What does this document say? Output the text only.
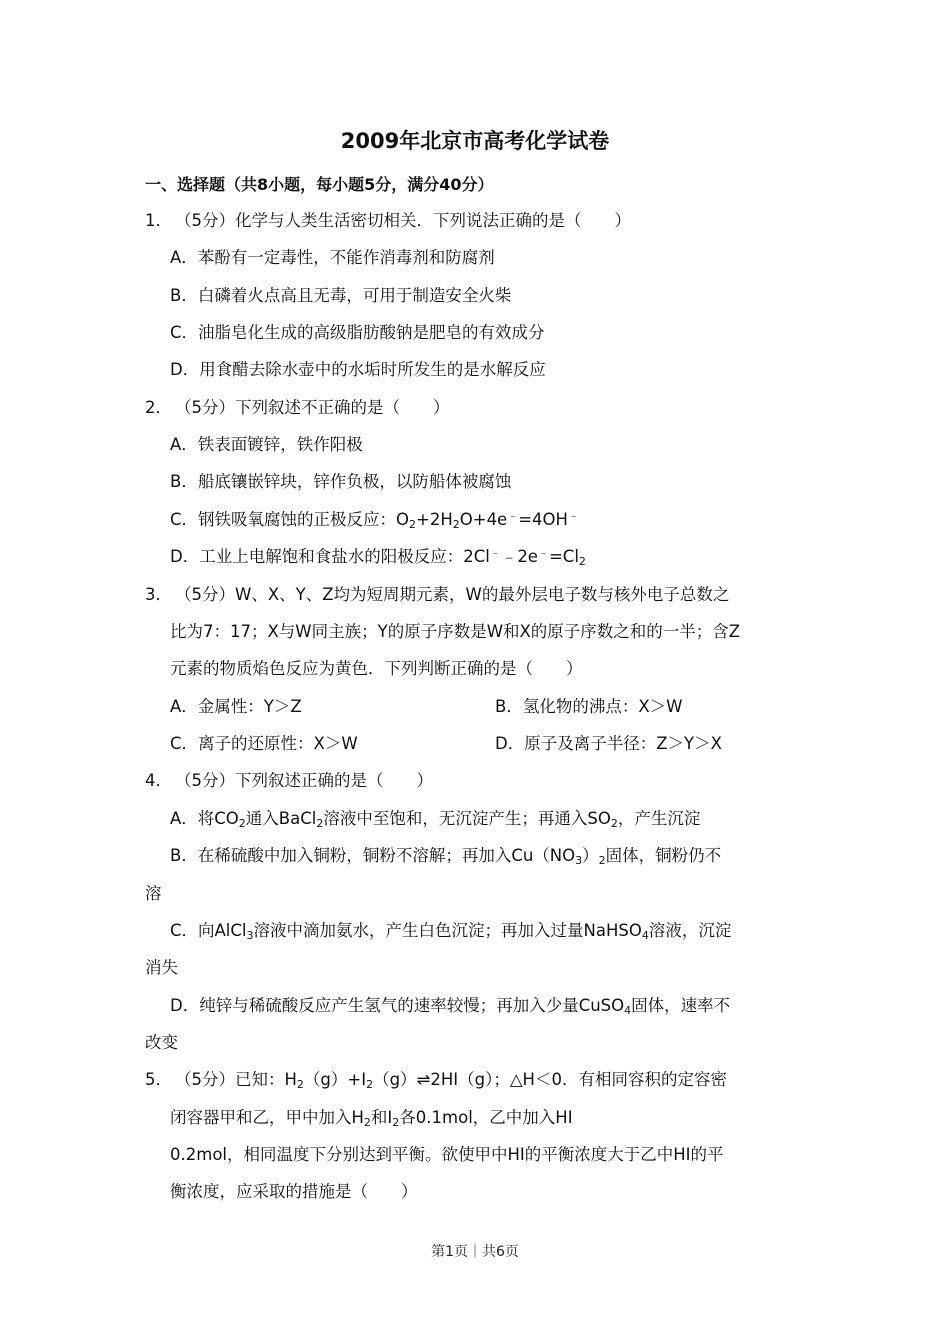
2009年北京市高考化学试卷
一、选择题（共8小题，每小题5分，满分40分）
1． （5分）化学与人类生活密切相关．下列说法正确的是（　　）
A．苯酚有一定毒性，不能作消毒剂和防腐剂
B．白磷着火点高且无毒，可用于制造安全火柴
C．油脂皂化生成的高级脂肪酸钠是肥皂的有效成分
D．用食醋去除水壶中的水垢时所发生的是水解反应
2． （5分）下列叙述不正确的是（　　）
A．铁表面镀锌，铁作阳极
B．船底镶嵌锌块，锌作负极，以防船体被腐蚀
C．钢铁吸氧腐蚀的正极反应：$O_2+2H_2O+4e^﹣=4OH^﹣$
D．工业上电解饱和食盐水的阳极反应：$2Cl^﹣﹣2e^﹣=Cl_2$
3． （5分）W、X、Y、Z均为短周期元素，W的最外层电子数与核外电子总数之
比为7：17；X与W同主族；Y的原子序数是W和X的原子序数之和的一半；含Z
元素的物质焰色反应为黄色．下列判断正确的是（　　）
A．金属性：Y＞Z	B．氢化物的沸点：X＞W
C．离子的还原性：X＞W	D．原子及离子半径：Z＞Y＞X
4． （5分）下列叙述正确的是（　　）
A．将$CO_2$通入BaCl$_2$溶液中至饱和，无沉淀产生；再通入$SO_2$，产生沉淀
B．在稀硫酸中加入铜粉，铜粉不溶解；再加入$Cu(NO_3)_2$固体，铜粉仍不
溶
C．向AlCl$_3$溶液中滴加氨水，产生白色沉淀；再加入过量NaHSO$_4$溶液，沉淀
消失
D．纯锌与稀硫酸反应产生氢气的速率较慢；再加入少量CuSO$_4$固体，速率不
改变
5． （5分）已知：$H_2(g)+I_2(g)\rightleftharpoons 2HI(g)$；△H＜0．有相同容积的定容密
闭容器甲和乙，甲中加入$H_2$和$I_2$各0.1mol，乙中加入HI
0.2mol，相同温度下分别达到平衡。欲使甲中HI的平衡浓度大于乙中HI的平
衡浓度，应采取的措施是（　　）
第1页｜共6页
